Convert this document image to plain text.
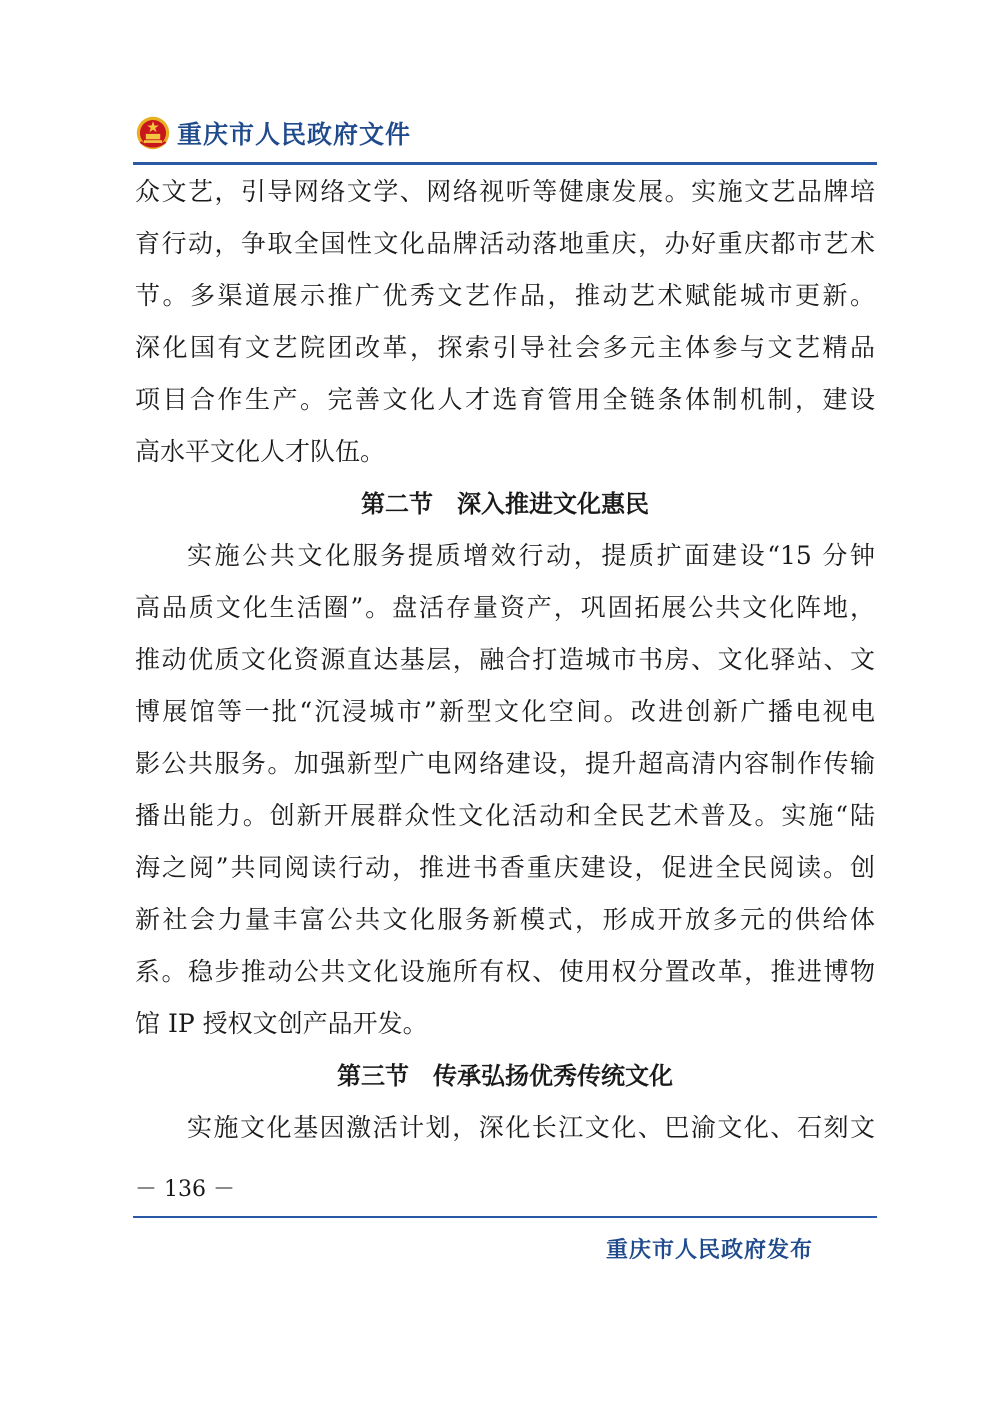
重庆市人民政府文件
众文艺，引导网络文学、网络视听等健康发展。实施文艺品牌培
育行动，争取全国性文化品牌活动落地重庆，办好重庆都市艺术
节。多渠道展示推广优秀文艺作品，推动艺术赋能城市更新。
深化国有文艺院团改革，探索引导社会多元主体参与文艺精品
项目合作生产。完善文化人才选育管用全链条体制机制，建设
高水平文化人才队伍。
第二节　深入推进文化惠民
实施公共文化服务提质增效行动，提质扩面建设“15 分钟
高品质文化生活圈”。盘活存量资产，巩固拓展公共文化阵地，
推动优质文化资源直达基层，融合打造城市书房、文化驿站、文
博展馆等一批“沉浸城市”新型文化空间。改进创新广播电视电
影公共服务。加强新型广电网络建设，提升超高清内容制作传输
播出能力。创新开展群众性文化活动和全民艺术普及。实施“陆
海之阅”共同阅读行动，推进书香重庆建设，促进全民阅读。创
新社会力量丰富公共文化服务新模式，形成开放多元的供给体
系。稳步推动公共文化设施所有权、使用权分置改革，推进博物
馆 IP 授权文创产品开发。
第三节　传承弘扬优秀传统文化
实施文化基因激活计划，深化长江文化、巴渝文化、石刻文
－ 136 －
重庆市人民政府发布
